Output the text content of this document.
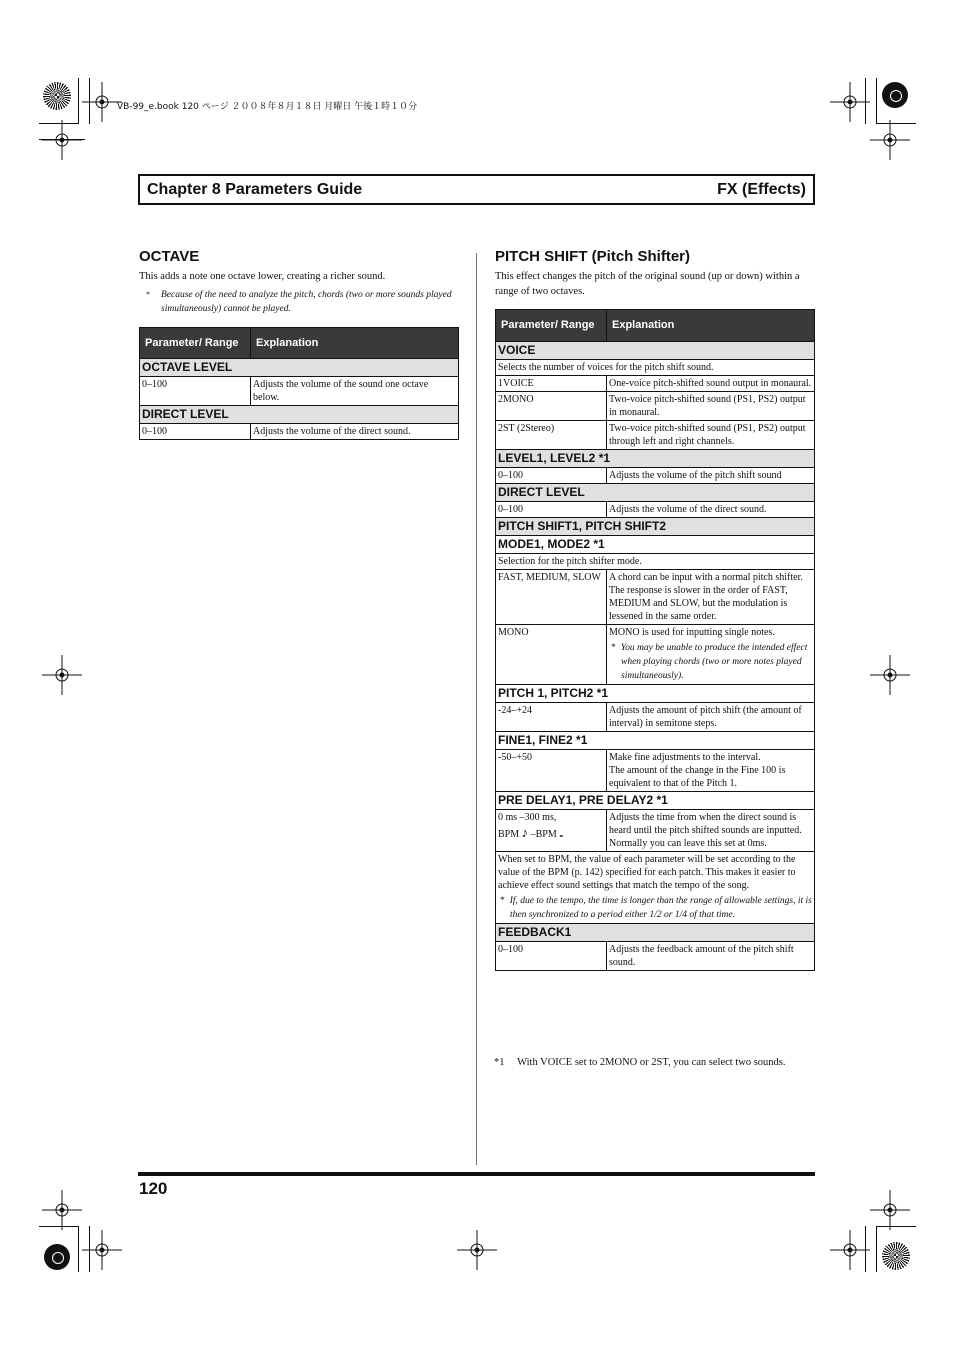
VB-99_e.book 120 ページ ２００８年８月１８日 月曜日 午後１時１０分
Chapter 8 Parameters Guide	FX (Effects)
OCTAVE

This adds a note one octave lower, creating a richer sound.

*	Because of the need to analyze the pitch, chords (two or more sounds played simultaneously) cannot be played.
Parameter/ Range	Explanation
OCTAVE LEVEL	
0–100	Adjusts the volume of the sound one octave below.
DIRECT LEVEL	
0–100	Adjusts the volume of the direct sound.
PITCH SHIFT (Pitch Shifter)

This effect changes the pitch of the original sound (up or down) within a range of two octaves.

Parameter/ Range	Explanation
VOICE	
Selects the number of voices for the pitch shift sound.	
1VOICE	One-voice pitch-shifted sound output in monaural.
2MONO	Two-voice pitch-shifted sound (PS1, PS2) output in monaural.
2ST (2Stereo)	Two-voice pitch-shifted sound (PS1, PS2) output through left and right channels.
LEVEL1, LEVEL2 *1	
0–100	Adjusts the volume of the pitch shift sound
DIRECT LEVEL	
0–100	Adjusts the volume of the direct sound.
PITCH SHIFT1, PITCH SHIFT2	
MODE1, MODE2 *1	
Selection for the pitch shifter mode.	
FAST, MEDIUM, SLOW	A chord can be input with a normal pitch shifter. The response is slower in the order of FAST, MEDIUM and SLOW, but the modulation is lessened in the same order.
MONO	MONO is used for inputting single notes.
* You may be unable to produce the intended effect when playing chords (two or more notes played simultaneously).

PITCH 1, PITCH2 *1	
-24–+24	Adjusts the amount of pitch shift (the amount of interval) in semitone steps.
FINE1, FINE2 *1	
-50–+50	Make fine adjustments to the interval.
The amount of the change in the Fine 100 is equivalent to that of the Pitch 1.

PRE DELAY1, PRE DELAY2 *1	

0 ms –300 ms,
BPM ♪ –BPM 𝅝	Adjusts the time from when the direct sound is heard until the pitch shifted sounds are inputted. Normally you can leave this set at 0ms.

When set to BPM, the value of each parameter will be set according to the value of the BPM (p. 142) specified for each patch. This makes it easier to achieve effect sound settings that match the tempo of the song.
* If, due to the tempo, the time is longer than the range of allowable settings, it is then synchronized to a period either 1/2 or 1/4 of that time.	

FEEDBACK1	
0–100	Adjusts the feedback amount of the pitch shift sound.
*1 With VOICE set to 2MONO or 2ST, you can select two sounds.
120
